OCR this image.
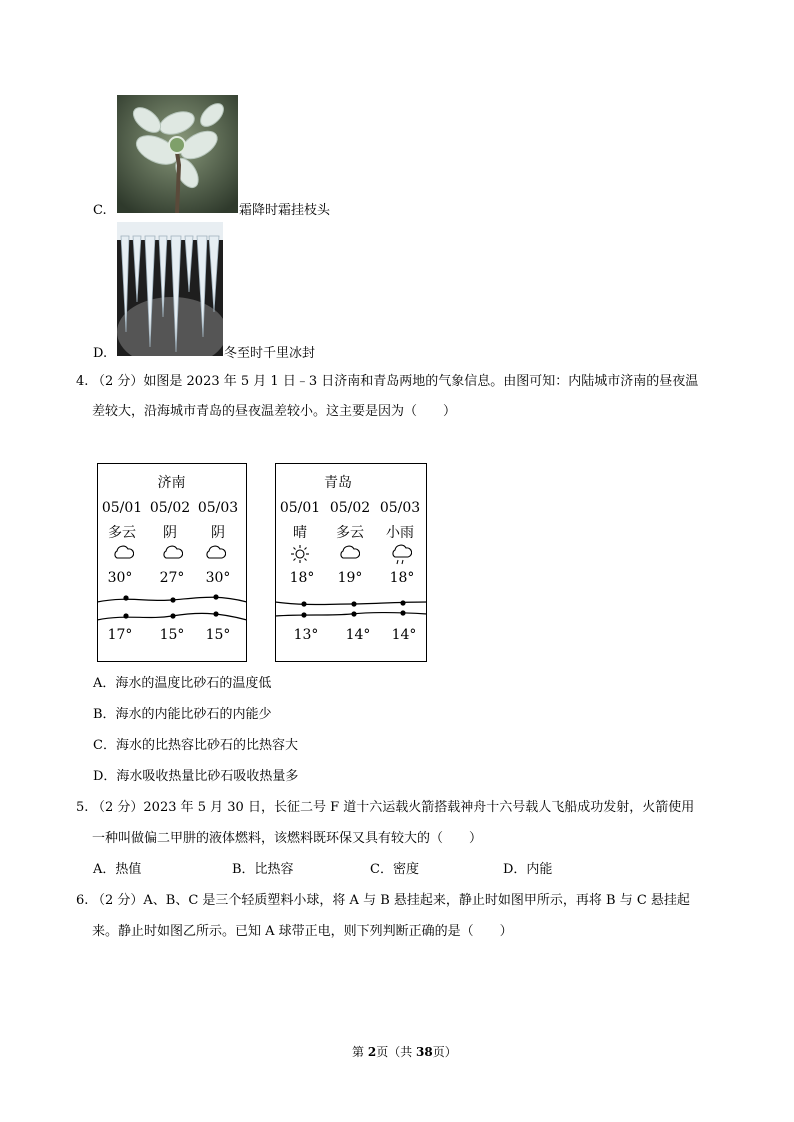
C.	霜降时霜挂枝头
D.	冬至时千里冰封
4. （2 分）如图是 2023 年 5 月 1 日﹣3 日济南和青岛两地的气象信息。由图可知：内陆城市济南的昼夜温
差较大，沿海城市青岛的昼夜温差较小。这主要是因为（　　）
济南
05/01 05/02 05/03
多云	阴	阴
30°	27°	30°
17°	15°	15°
青岛
05/01 05/02 05/03
晴	多云	小雨
18°	19°	18°
13°	14°	14°
A．海水的温度比砂石的温度低
B．海水的内能比砂石的内能少
C．海水的比热容比砂石的比热容大
D．海水吸收热量比砂石吸收热量多
5. （2 分）2023 年 5 月 30 日，长征二号 F 道十六运载火箭搭载神舟十六号载人飞船成功发射，火箭使用
一种叫做偏二甲肼的液体燃料，该燃料既环保又具有较大的（　　）
A．热值	B．比热容	C．密度	D．内能
6. （2 分）A、B、C 是三个轻质塑料小球，将 A 与 B 悬挂起来，静止时如图甲所示，再将 B 与 C 悬挂起
来。静止时如图乙所示。已知 A 球带正电，则下列判断正确的是（　　）
第 2页（共 38页）
